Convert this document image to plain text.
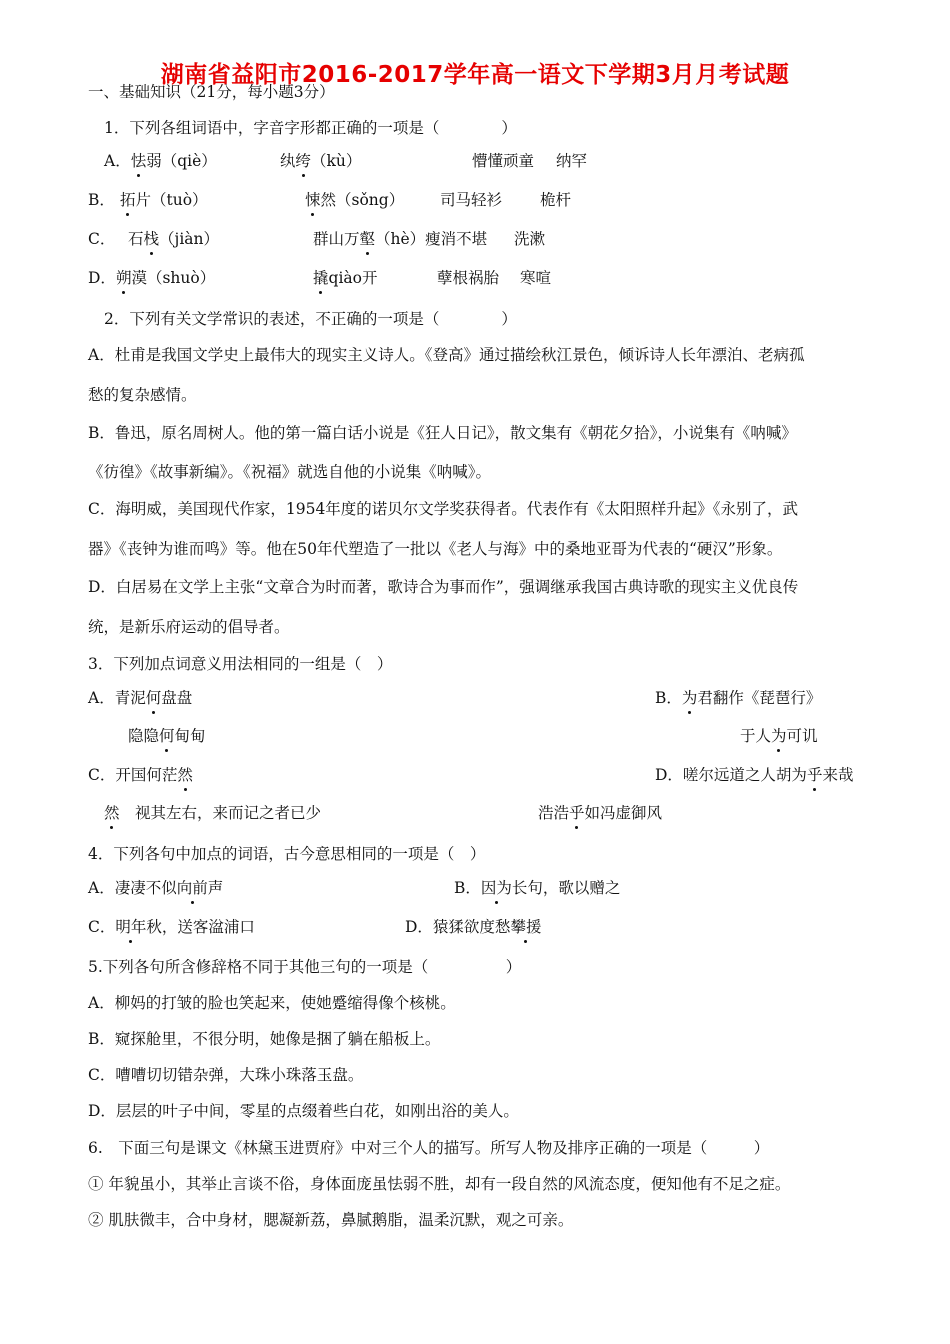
湖南省益阳市2016-2017学年高一语文下学期3月月考试题
一、基础知识（21分，每小题3分）
1．下列各组词语中，字音字形都正确的一项是（　　　　）
A．怯弱（qiè）	纨绔（kù）	懵懂顽童 纳罕
B． 拓片（tuò）	悚然（sǒng） 司马轻衫 桅杆
C． 石栈（jiàn）	群山万壑（hè）瘦消不堪 洗漱
D．朔漠（shuò）	撬qiào开	孽根祸胎 寒喧
2．下列有关文学常识的表述，不正确的一项是（　　　　）
A．杜甫是我国文学史上最伟大的现实主义诗人。《登高》通过描绘秋江景色，倾诉诗人长年漂泊、老病孤
愁的复杂感情。
B．鲁迅，原名周树人。他的第一篇白话小说是《狂人日记》，散文集有《朝花夕拾》，小说集有《呐喊》
《彷徨》《故事新编》。《祝福》就选自他的小说集《呐喊》。
C．海明威，美国现代作家，1954年度的诺贝尔文学奖获得者。代表作有《太阳照样升起》《永别了，武
器》《丧钟为谁而鸣》等。他在50年代塑造了一批以《老人与海》中的桑地亚哥为代表的“硬汉”形象。
D．白居易在文学上主张“文章合为时而著，歌诗合为事而作”，强调继承我国古典诗歌的现实主义优良传
统，是新乐府运动的倡导者。
3．下列加点词意义用法相同的一组是（　）
A．青泥何盘盘	B．为君翻作《琵琶行》
隐隐何甸甸	于人为可讥
C．开国何茫然	D．嗟尔远道之人胡为乎来哉
然　视其左右，来而记之者已少	浩浩乎如冯虚御风
4．下列各句中加点的词语，古今意思相同的一项是（　）
A．凄凄不似向前声	B．因为长句，歌以赠之
C．明年秋，送客湓浦口	D．猿猱欲度愁攀援
5.下列各句所含修辞格不同于其他三句的一项是（　　　　　）
A．柳妈的打皱的脸也笑起来，使她蹙缩得像个核桃。
B．窥探舱里，不很分明，她像是捆了躺在船板上。
C．嘈嘈切切错杂弹，大珠小珠落玉盘。
D．层层的叶子中间，零星的点缀着些白花，如刚出浴的美人。
6.　下面三句是课文《林黛玉进贾府》中对三个人的描写。所写人物及排序正确的一项是（　　　）
① 年貌虽小，其举止言谈不俗，身体面庞虽怯弱不胜，却有一段自然的风流态度，便知他有不足之症。
② 肌肤微丰，合中身材，腮凝新荔，鼻腻鹅脂，温柔沉默，观之可亲。
